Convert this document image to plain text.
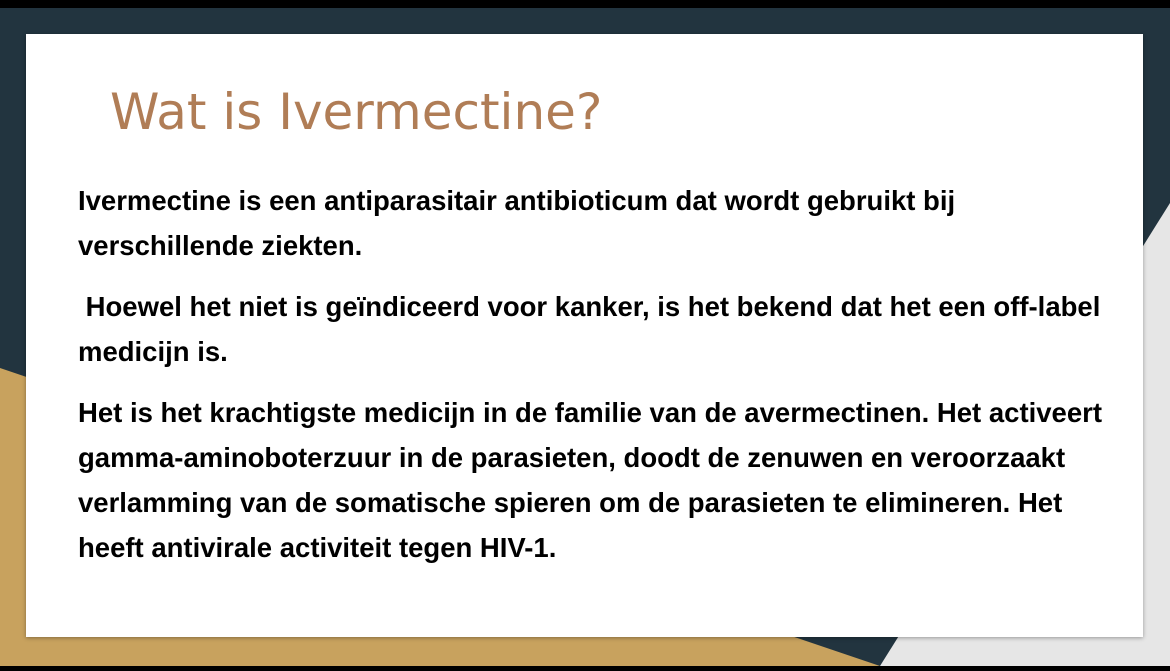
Wat is Ivermectine?

Ivermectine is een antiparasitair antibioticum dat wordt gebruikt bij verschillende ziekten.

Hoewel het niet is geïndiceerd voor kanker, is het bekend dat het een off-label medicijn is.

Het is het krachtigste medicijn in de familie van de avermectinen. Het activeert gamma-aminoboterzuur in de parasieten, doodt de zenuwen en veroorzaakt verlamming van de somatische spieren om de parasieten te elimineren. Het heeft antivirale activiteit tegen HIV-1.
